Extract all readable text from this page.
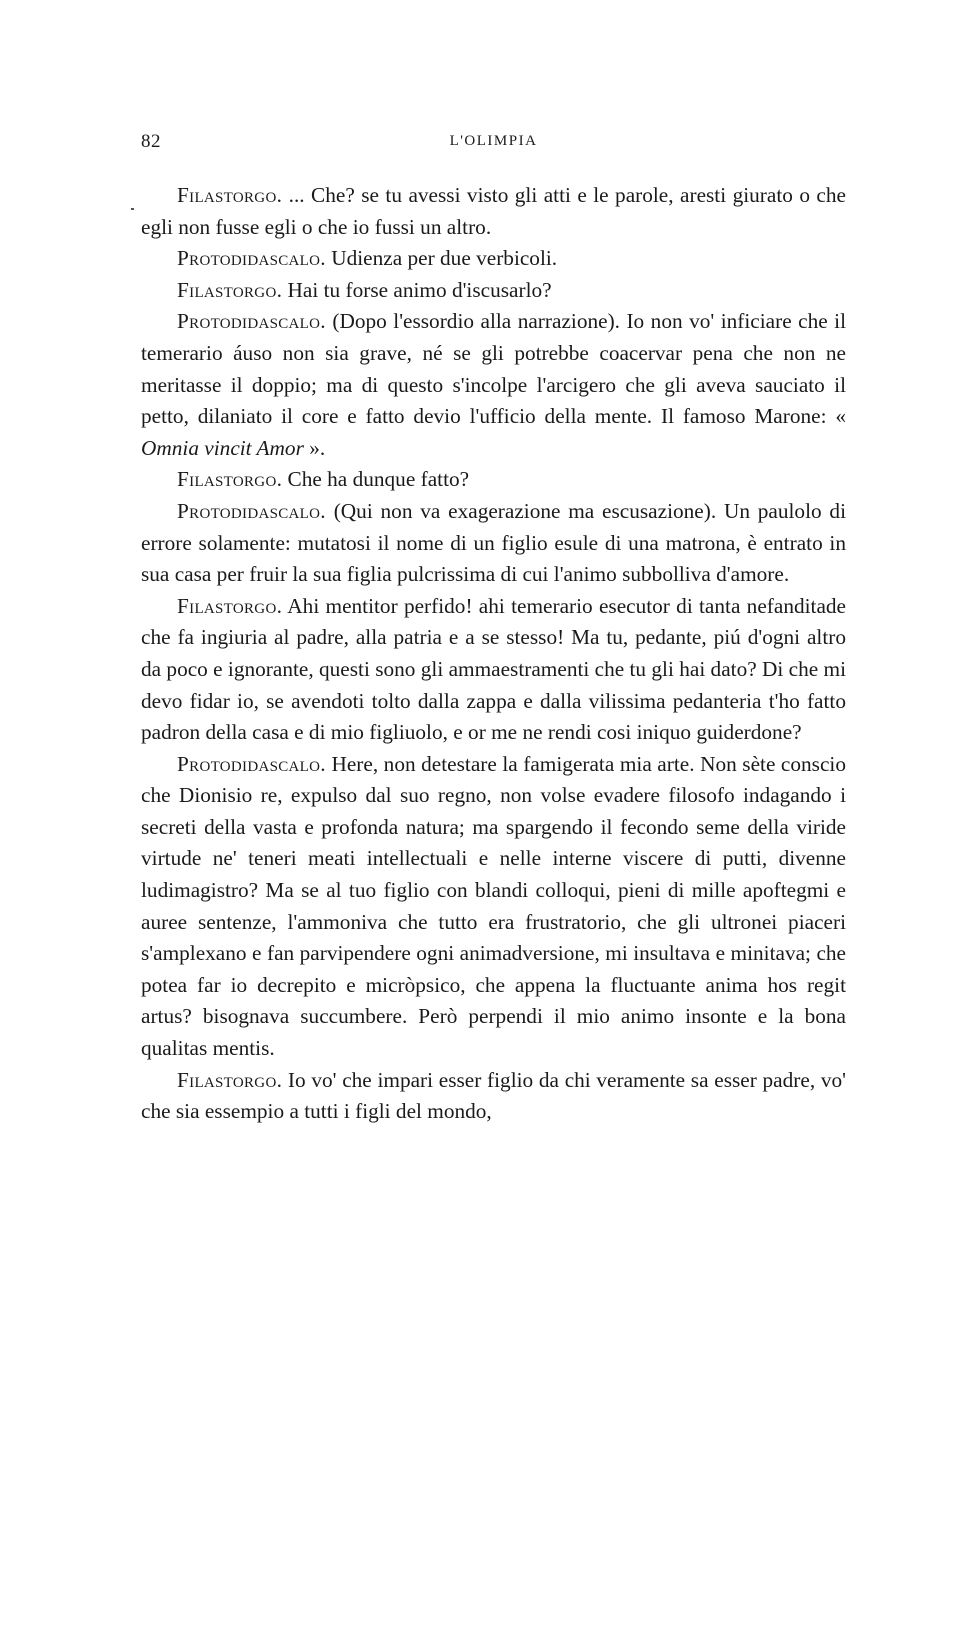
82	L'OLIMPIA

Filastorgo. ... Che? se tu avessi visto gli atti e le parole, aresti giurato o che egli non fusse egli o che io fussi un altro.

Protodidascalo. Udienza per due verbicoli.

Filastorgo. Hai tu forse animo d'iscusarlo?

Protodidascalo. (Dopo l'essordio alla narrazione). Io non vo' inficiare che il temerario áuso non sia grave, né se gli potrebbe coacervar pena che non ne meritasse il doppio; ma di questo s'incolpe l'arcigero che gli aveva sauciato il petto, dilaniato il core e fatto devio l'ufficio della mente. Il famoso Marone: « Omnia vincit Amor ».

Filastorgo. Che ha dunque fatto?

Protodidascalo. (Qui non va exagerazione ma escusazione). Un paulolo di errore solamente: mutatosi il nome di un figlio esule di una matrona, è entrato in sua casa per fruir la sua figlia pulcrissima di cui l'animo subbolliva d'amore.

Filastorgo. Ahi mentitor perfido! ahi temerario esecutor di tanta nefanditade che fa ingiuria al padre, alla patria e a se stesso! Ma tu, pedante, piú d'ogni altro da poco e ignorante, questi sono gli ammaestramenti che tu gli hai dato? Di che mi devo fidar io, se avendoti tolto dalla zappa e dalla vilissima pedanteria t'ho fatto padron della casa e di mio figliuolo, e or me ne rendi cosi iniquo guiderdone?

Protodidascalo. Here, non detestare la famigerata mia arte. Non sète conscio che Dionisio re, expulso dal suo regno, non volse evadere filosofo indagando i secreti della vasta e profonda natura; ma spargendo il fecondo seme della viride virtude ne' teneri meati intellectuali e nelle interne viscere di putti, divenne ludimagistro? Ma se al tuo figlio con blandi colloqui, pieni di mille apoftegmi e auree sentenze, l'ammoniva che tutto era frustratorio, che gli ultronei piaceri s'amplexano e fan parvipendere ogni animadversione, mi insultava e minitava; che potea far io decrepito e micròpsico, che appena la fluctuante anima hos regit artus? bisognava succumbere. Però perpendi il mio animo insonte e la bona qualitas mentis.

Filastorgo. Io vo' che impari esser figlio da chi veramente sa esser padre, vo' che sia essempio a tutti i figli del mondo,
